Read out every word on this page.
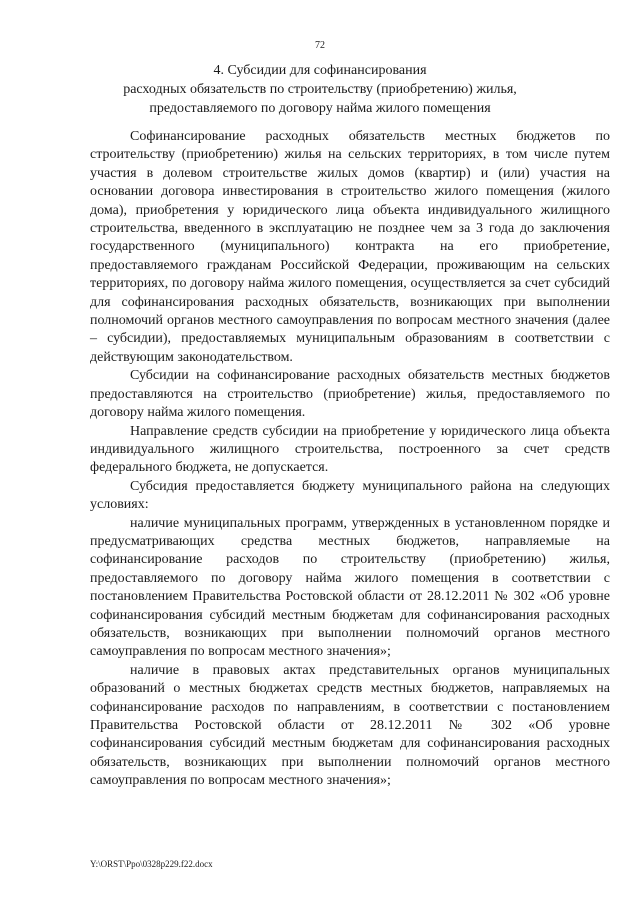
72
4. Субсидии для софинансирования
расходных обязательств по строительству (приобретению) жилья,
предоставляемого по договору найма жилого помещения

Софинансирование расходных обязательств местных бюджетов по строительству (приобретению) жилья на сельских территориях, в том числе путем участия в долевом строительстве жилых домов (квартир) и (или) участия на основании договора инвестирования в строительство жилого помещения (жилого дома), приобретения у юридического лица объекта индивидуального жилищного строительства, введенного в эксплуатацию не позднее чем за 3 года до заключения государственного (муниципального) контракта на его приобретение, предоставляемого гражданам Российской Федерации, проживающим на сельских территориях, по договору найма жилого помещения, осуществляется за счет субсидий для софинансирования расходных обязательств, возникающих при выполнении полномочий органов местного самоуправления по вопросам местного значения (далее – субсидии), предоставляемых муниципальным образованиям в соответствии с действующим законодательством.

Субсидии на софинансирование расходных обязательств местных бюджетов предоставляются на строительство (приобретение) жилья, предоставляемого по договору найма жилого помещения.

Направление средств субсидии на приобретение у юридического лица объекта индивидуального жилищного строительства, построенного за счет средств федерального бюджета, не допускается.

Субсидия предоставляется бюджету муниципального района на следующих условиях:

наличие муниципальных программ, утвержденных в установленном порядке и предусматривающих средства местных бюджетов, направляемые на софинансирование расходов по строительству (приобретению) жилья, предоставляемого по договору найма жилого помещения в соответствии с постановлением Правительства Ростовской области от 28.12.2011 № 302 «Об уровне софинансирования субсидий местным бюджетам для софинансирования расходных обязательств, возникающих при выполнении полномочий органов местного самоуправления по вопросам местного значения»;

наличие в правовых актах представительных органов муниципальных образований о местных бюджетах средств местных бюджетов, направляемых на софинансирование расходов по направлениям, в соответствии с постановлением Правительства Ростовской области от 28.12.2011 № 302 «Об уровне софинансирования субсидий местным бюджетам для софинансирования расходных обязательств, возникающих при выполнении полномочий органов местного самоуправления по вопросам местного значения»;

Y:\ORST\Ppo\0328p229.f22.docx
